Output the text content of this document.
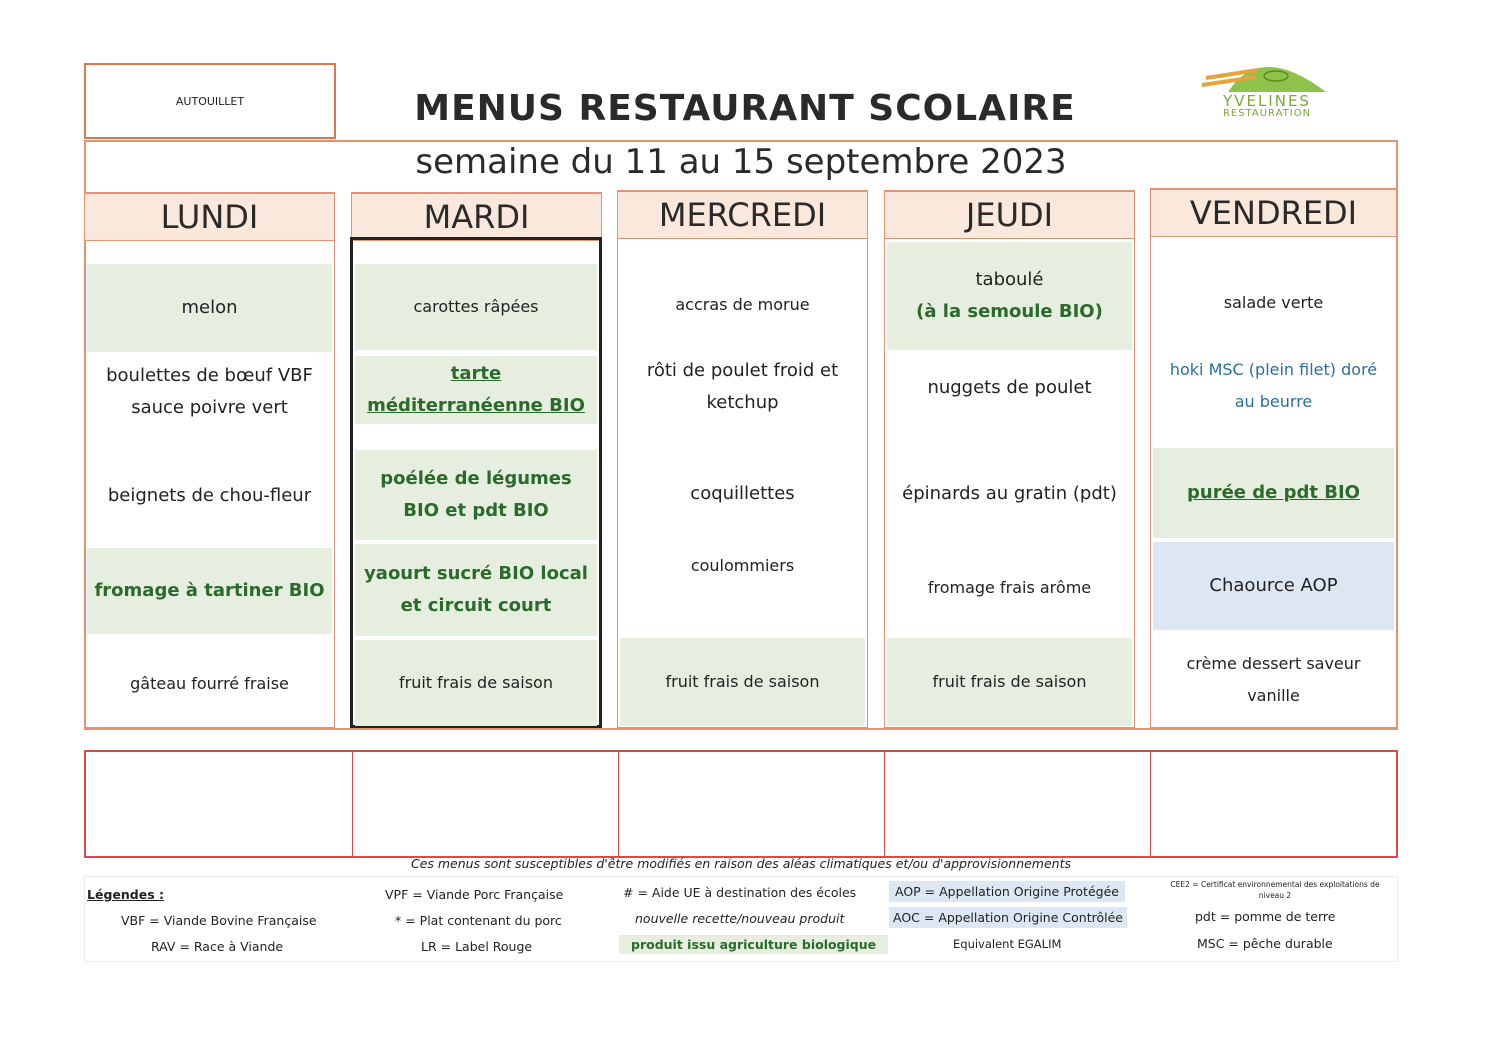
AUTOUILLET	MENUS RESTAURANT SCOLAIRE	YVELINES
RESTAURATION
semaine du 11 au 15 septembre 2023
LUNDI
melon
boulettes de bœuf VBF sauce poivre vert
beignets de chou-fleur
fromage à tartiner BIO
gâteau fourré fraise
MARDI
carottes râpées
tarte méditerranéenne BIO
poélée de légumes BIO et pdt BIO
yaourt sucré BIO local et circuit court
fruit frais de saison
MERCREDI
accras de morue
rôti de poulet froid et ketchup
coquillettes
coulommiers
fruit frais de saison
JEUDI
taboulé
(à la semoule BIO)
nuggets de poulet
épinards au gratin (pdt)
fromage frais arôme
fruit frais de saison
VENDREDI
salade verte
hoki MSC (plein filet) doré au beurre
purée de pdt BIO
Chaource AOP
crème dessert saveur vanille
Ces menus sont susceptibles d'être modifiés en raison des aléas climatiques et/ou d'approvisionnements
Légendes :
VBF = Viande Bovine Française
RAV = Race à Viande
VPF = Viande Porc Française
* = Plat contenant du porc
LR = Label Rouge
# = Aide UE à destination des écoles
nouvelle recette/nouveau produit
produit issu agriculture biologique
AOP = Appellation Origine Protégée
AOC = Appellation Origine Contrôlée
Equivalent EGALIM
CEE2 = Certificat environnemental des exploitations de niveau 2
pdt = pomme de terre
MSC = pêche durable
